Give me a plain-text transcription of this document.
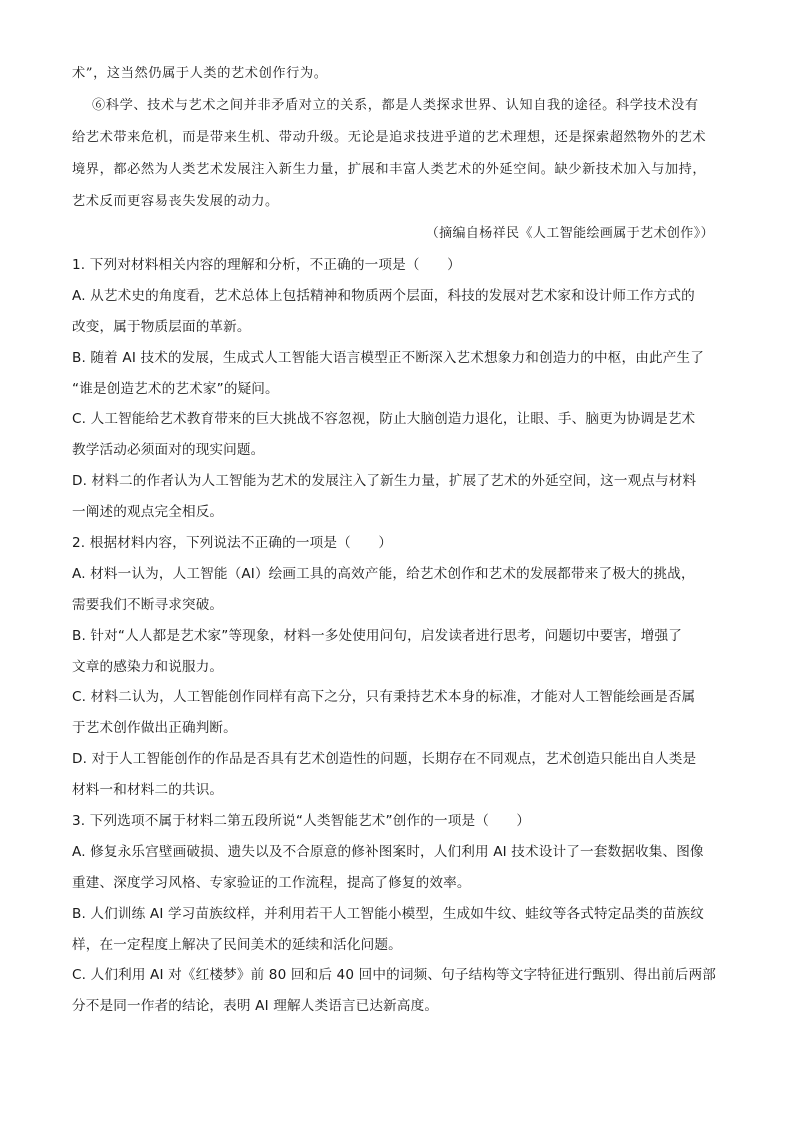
术”，这当然仍属于人类的艺术创作行为。
⑥科学、技术与艺术之间并非矛盾对立的关系，都是人类探求世界、认知自我的途径。科学技术没有
给艺术带来危机，而是带来生机、带动升级。无论是追求技进乎道的艺术理想，还是探索超然物外的艺术
境界，都必然为人类艺术发展注入新生力量，扩展和丰富人类艺术的外延空间。缺少新技术加入与加持，
艺术反而更容易丧失发展的动力。
（摘编自杨祥民《人工智能绘画属于艺术创作》）
1. 下列对材料相关内容的理解和分析，不正确的一项是（　　）
A. 从艺术史的角度看，艺术总体上包括精神和物质两个层面，科技的发展对艺术家和设计师工作方式的
改变，属于物质层面的革新。
B. 随着 AI 技术的发展，生成式人工智能大语言模型正不断深入艺术想象力和创造力的中枢，由此产生了
“谁是创造艺术的艺术家”的疑问。
C. 人工智能给艺术教育带来的巨大挑战不容忽视，防止大脑创造力退化，让眼、手、脑更为协调是艺术
教学活动必须面对的现实问题。
D. 材料二的作者认为人工智能为艺术的发展注入了新生力量，扩展了艺术的外延空间，这一观点与材料
一阐述的观点完全相反。
2. 根据材料内容，下列说法不正确的一项是（　　）
A. 材料一认为，人工智能（AI）绘画工具的高效产能，给艺术创作和艺术的发展都带来了极大的挑战，
需要我们不断寻求突破。
B. 针对“人人都是艺术家”等现象，材料一多处使用问句，启发读者进行思考，问题切中要害，增强了
文章的感染力和说服力。
C. 材料二认为，人工智能创作同样有高下之分，只有秉持艺术本身的标准，才能对人工智能绘画是否属
于艺术创作做出正确判断。
D. 对于人工智能创作的作品是否具有艺术创造性的问题，长期存在不同观点，艺术创造只能出自人类是
材料一和材料二的共识。
3. 下列选项不属于材料二第五段所说“人类智能艺术”创作的一项是（　　）
A. 修复永乐宫壁画破损、遗失以及不合原意的修补图案时，人们利用 AI 技术设计了一套数据收集、图像
重建、深度学习风格、专家验证的工作流程，提高了修复的效率。
B. 人们训练 AI 学习苗族纹样，并利用若干人工智能小模型，生成如牛纹、蛙纹等各式特定品类的苗族纹
样，在一定程度上解决了民间美术的延续和活化问题。
C. 人们利用 AI 对《红楼梦》前 80 回和后 40 回中的词频、句子结构等文字特征进行甄别、得出前后两部
分不是同一作者的结论，表明 AI 理解人类语言已达新高度。
